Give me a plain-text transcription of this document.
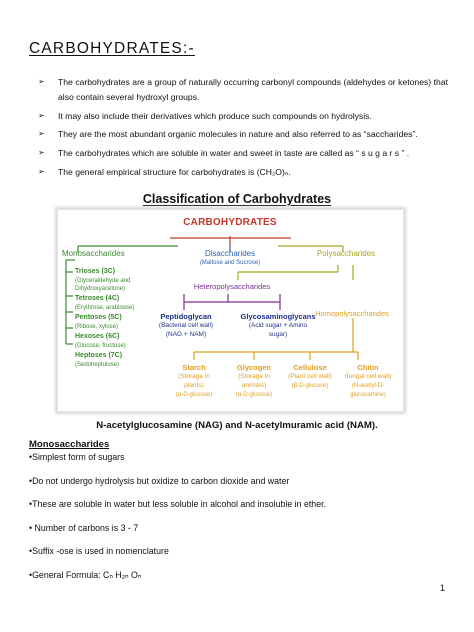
CARBOHYDRATES:-
➢ The carbohydrates are a group of naturally occurring carbonyl compounds (aldehydes or ketones) that also contain several hydroxyl groups.
➢ It may also include their derivatives which produce such compounds on hydrolysis.
➢ They are the most abundant organic molecules in nature and also referred to as “saccharides”.
➢ The carbohydrates which are soluble in water and sweet in taste are called as “ s u g a r s ” .
➢ The general empirical structure for carbohydrates is (CH₂O)ₙ.
Classification of Carbohydrates
CARBOHYDRATES
Monosaccharides	Disaccharides
(Maltose and Sucrose)
Polysaccharides
Trioses (3C)
(Glyceraldehyde and
Dihydroxyacetone)
Tetroses (4C)
(Erythrose, arabinose)
Pentoses (5C)
(Ribose, xylose)
Hexoses (6C)
(Glucose, fructose)
Heptoses (7C)
(Sedoheptulose)
Heteropolysaccharides
Homopolysaccharides
Peptidoglycan
(Bacterial cell wall)
(NAG + NAM)
Glycosaminoglycans
(Acid sugar + Amino
sugar)
Starch
(Storage in
plants)
(α-D-glucose)
Glycogen
(Storage in
animals)
(α-D-glucose)
Cellulose
(Plant cell wall)
(β-D-glucose)
Chitin
(fungal cell wall)
(N-acetyl-D-
glucosamine)
N-acetylglucosamine (NAG) and N-acetylmuramic acid (NAM).
Monosaccharides
•Simplest form of sugars
•Do not undergo hydrolysis but oxidize to carbon dioxide and water
•These are soluble in water but less soluble in alcohol and insoluble in ether.
• Number of carbons is 3 - 7
•Suffix -ose is used in nomenclature
•General Formula: Cₙ H₂ₙ Oₙ
1
